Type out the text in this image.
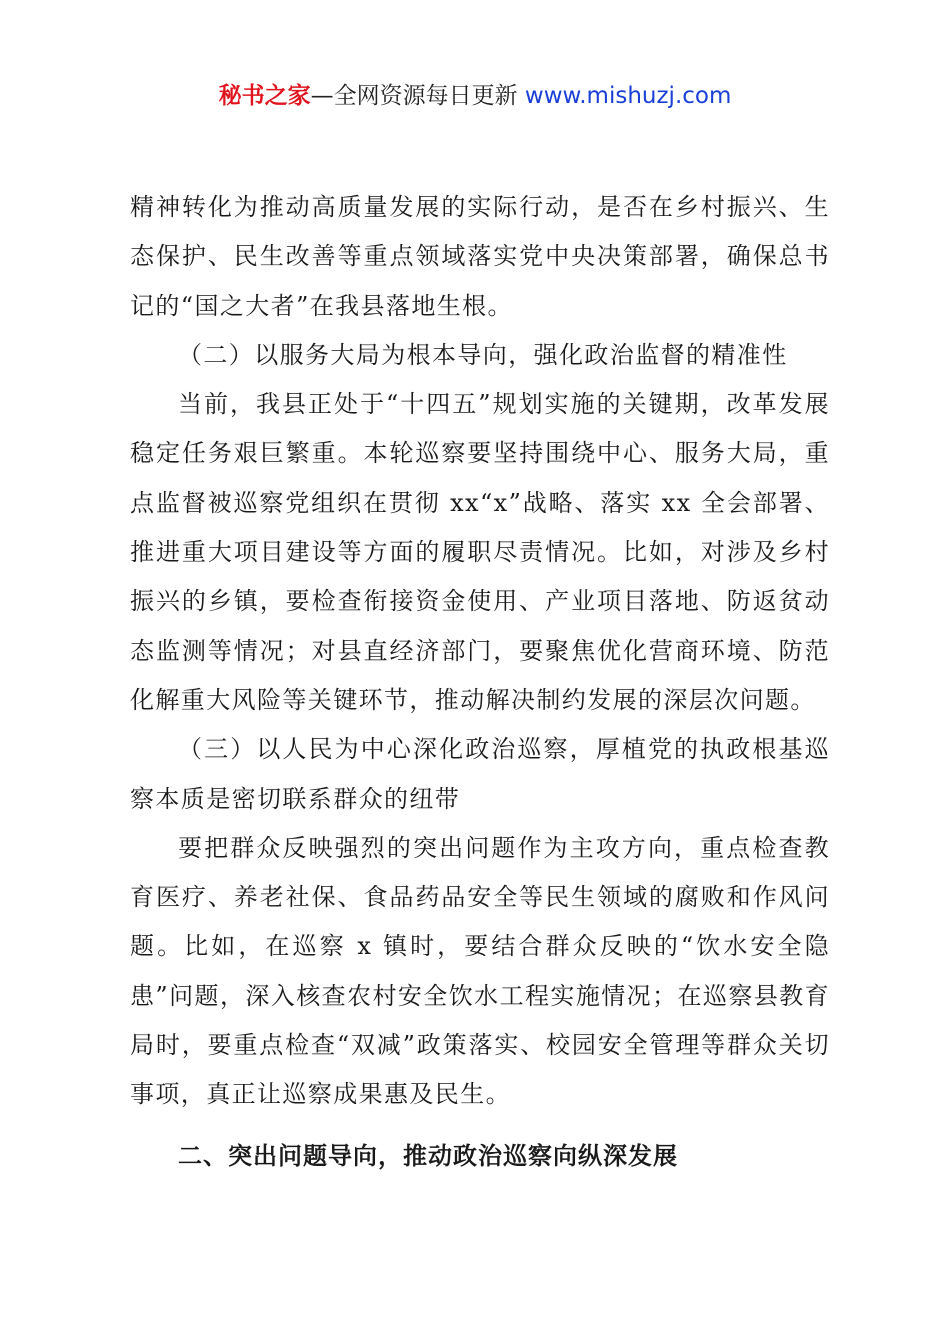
秘书之家—全网资源每日更新 www.mishuzj.com

精神转化为推动高质量发展的实际行动，是否在乡村振兴、生态保护、民生改善等重点领域落实党中央决策部署，确保总书记的“国之大者”在我县落地生根。

（二）以服务大局为根本导向，强化政治监督的精准性

当前，我县正处于“十四五”规划实施的关键期，改革发展稳定任务艰巨繁重。本轮巡察要坚持围绕中心、服务大局，重点监督被巡察党组织在贯彻 xx“x”战略、落实 xx 全会部署、推进重大项目建设等方面的履职尽责情况。比如，对涉及乡村振兴的乡镇，要检查衔接资金使用、产业项目落地、防返贫动态监测等情况；对县直经济部门，要聚焦优化营商环境、防范化解重大风险等关键环节，推动解决制约发展的深层次问题。

（三）以人民为中心深化政治巡察，厚植党的执政根基巡察本质是密切联系群众的纽带

要把群众反映强烈的突出问题作为主攻方向，重点检查教育医疗、养老社保、食品药品安全等民生领域的腐败和作风问题。比如，在巡察 x 镇时，要结合群众反映的“饮水安全隐患”问题，深入核查农村安全饮水工程实施情况；在巡察县教育局时，要重点检查“双减”政策落实、校园安全管理等群众关切事项，真正让巡察成果惠及民生。

二、突出问题导向，推动政治巡察向纵深发展
